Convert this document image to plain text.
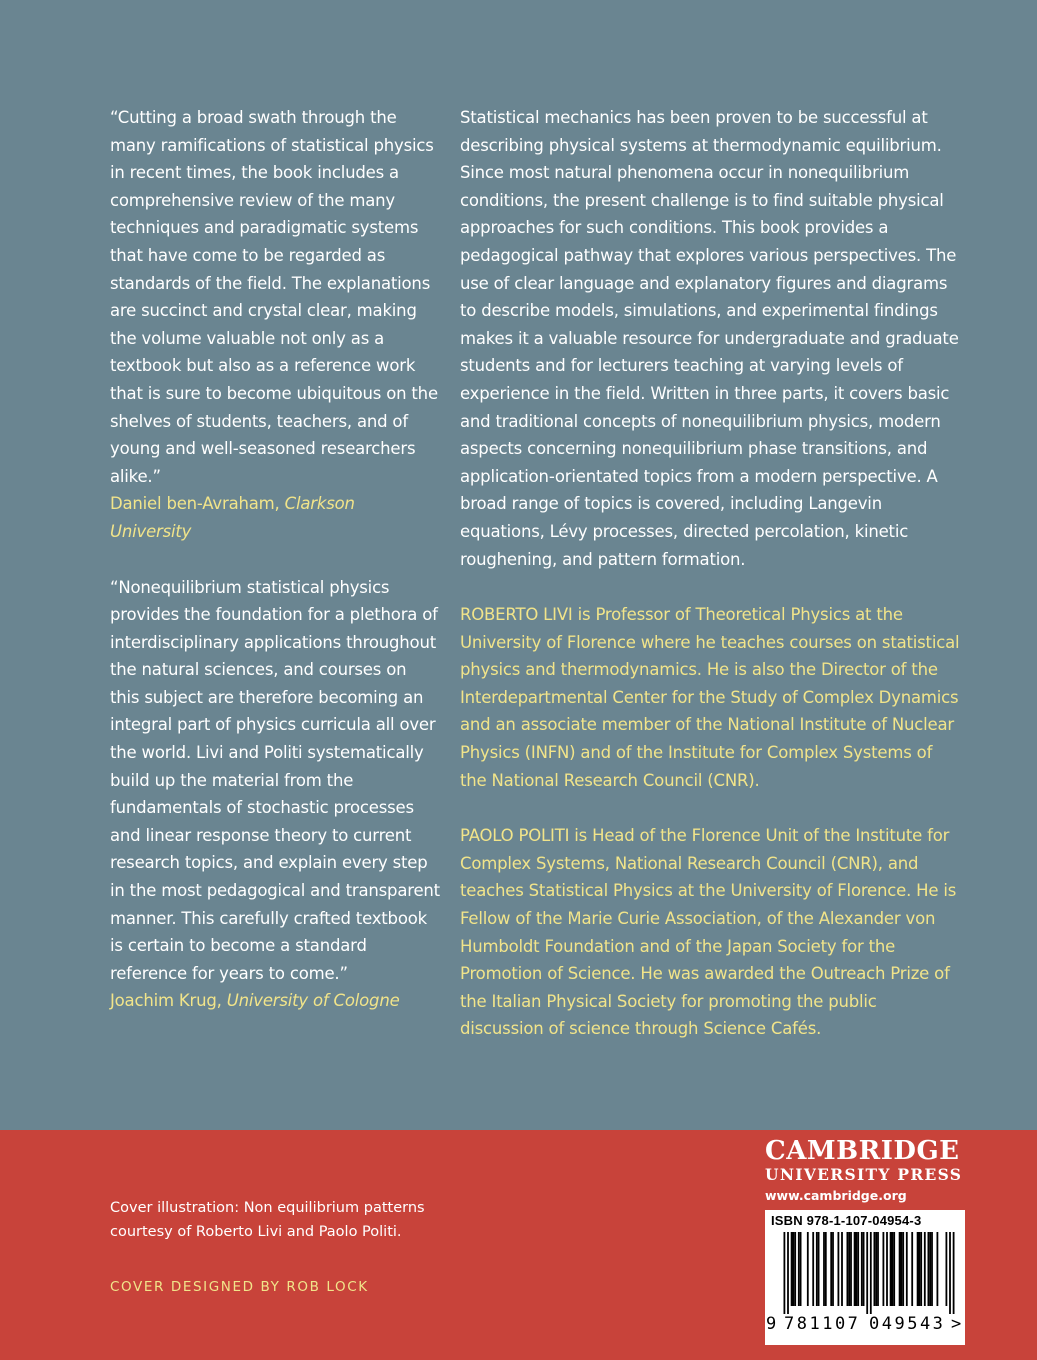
“Cutting a broad swath through the many ramifications of statistical physics in recent times, the book includes a comprehensive review of the many techniques and paradigmatic systems that have come to be regarded as standards of the field. The explanations are succinct and crystal clear, making the volume valuable not only as a textbook but also as a reference work that is sure to become ubiquitous on the shelves of students, teachers, and of young and well-seasoned researchers alike.”

Daniel ben-Avraham, Clarkson University

“Nonequilibrium statistical physics provides the foundation for a plethora of interdisciplinary applications throughout the natural sciences, and courses on this subject are therefore becoming an integral part of physics curricula all over the world. Livi and Politi systematically build up the material from the fundamentals of stochastic processes and linear response theory to current research topics, and explain every step in the most pedagogical and transparent manner. This carefully crafted textbook is certain to become a standard reference for years to come.”

Joachim Krug, University of Cologne

Statistical mechanics has been proven to be successful at describing physical systems at thermodynamic equilibrium. Since most natural phenomena occur in nonequilibrium conditions, the present challenge is to find suitable physical approaches for such conditions. This book provides a pedagogical pathway that explores various perspectives. The use of clear language and explanatory figures and diagrams to describe models, simulations, and experimental findings makes it a valuable resource for undergraduate and graduate students and for lecturers teaching at varying levels of experience in the field. Written in three parts, it covers basic and traditional concepts of nonequilibrium physics, modern aspects concerning nonequilibrium phase transitions, and application-orientated topics from a modern perspective. A broad range of topics is covered, including Langevin equations, Lévy processes, directed percolation, kinetic roughening, and pattern formation.

ROBERTO LIVI is Professor of Theoretical Physics at the University of Florence where he teaches courses on statistical physics and thermodynamics. He is also the Director of the Interdepartmental Center for the Study of Complex Dynamics and an associate member of the National Institute of Nuclear Physics (INFN) and of the Institute for Complex Systems of the National Research Council (CNR).

PAOLO POLITI is Head of the Florence Unit of the Institute for Complex Systems, National Research Council (CNR), and teaches Statistical Physics at the University of Florence. He is Fellow of the Marie Curie Association, of the Alexander von Humboldt Foundation and of the Japan Society for the Promotion of Science. He was awarded the Outreach Prize of the Italian Physical Society for promoting the public discussion of science through Science Cafés.

Cover illustration: Non equilibrium patterns courtesy of Roberto Livi and Paolo Politi.
COVER DESIGNED BY ROB LOCK
CAMBRIDGE
UNIVERSITY PRESS
www.cambridge.org
ISBN 978-1-107-04954-3
9 781107 049543 >
